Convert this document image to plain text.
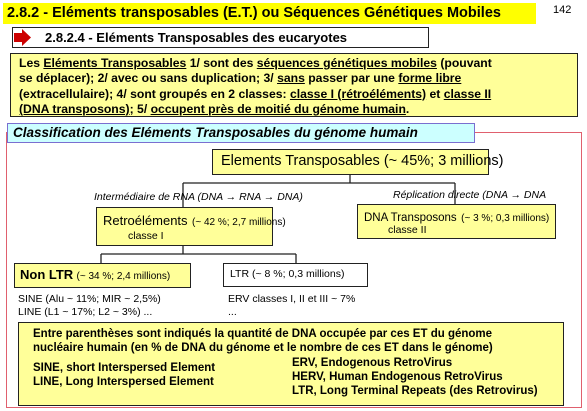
2.8.2 - Eléments transposables (E.T.) ou Séquences Génétiques Mobiles	142
2.8.2.4 - Eléments Transposables des eucaryotes
Les Eléments Transposables 1/ sont des séquences génétiques mobiles (pouvant
se déplacer); 2/ avec ou sans duplication; 3/ sans passer par une forme libre
(extracellulaire); 4/ sont groupés en 2 classes: classe I (rétroéléments) et classe II
(DNA transposons); 5/ occupent près de moitié du génome humain.
Classification des Eléments Transposables du génome humain
Elements Transposables (~ 45%; 3 millions)
Intermédiaire de RNA (DNA → RNA → DNA)	Réplication directe (DNA → DNA
Retroéléments (~ 42 %; 2,7 millions)
classe I
DNA Transposons (~ 3 %; 0,3 millions)
classe II
Non LTR (~ 34 %; 2,4 millions)	LTR (~ 8 %; 0,3 millions)
SINE (Alu ~ 11%; MIR ~ 2,5%)
LINE (L1 ~ 17%; L2 ~ 3%) ...
ERV classes I, II et III ~ 7%
...
Entre parenthèses sont indiqués la quantité de DNA occupée par ces ET du génome
nucléaire humain (en % de DNA du génome et le nombre de ces ET dans le génome)
SINE, short Interspersed Element
LINE, Long Interspersed Element
ERV, Endogenous RetroVirus
HERV, Human Endogenous RetroVirus
LTR, Long Terminal Repeats (des Retrovirus)
